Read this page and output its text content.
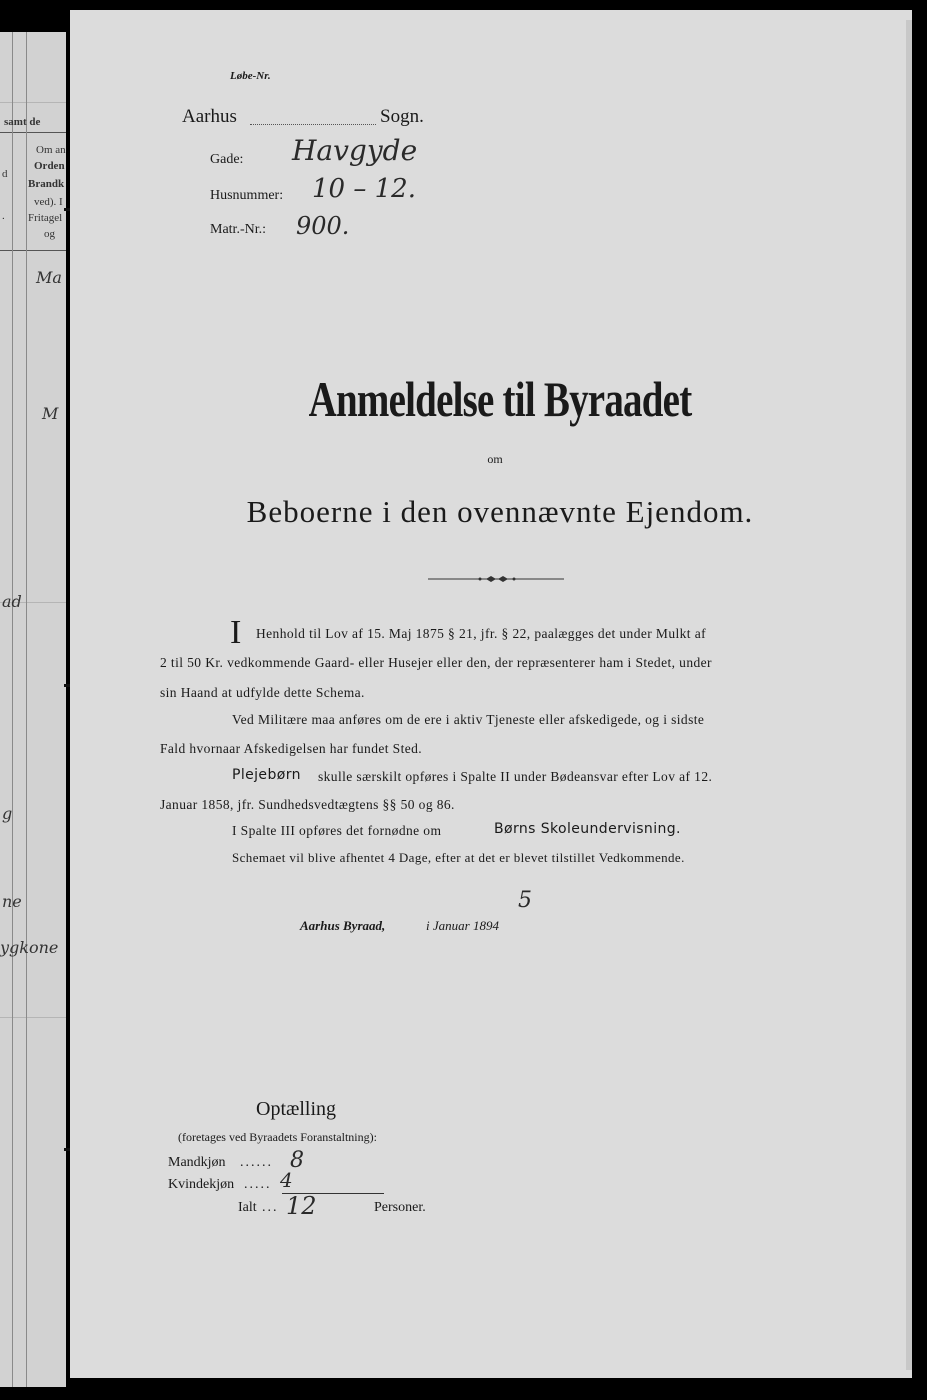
samt de
d
.
Om an
Orden
Brandk
ved). I
Fritagel
og
Ma
M
ad
g
ne
ygkone
Løbe-Nr.
Aarhus	Sogn.
Gade: Havgyde
Husnummer: 10 – 12.
Matr.-Nr.: 900.
Anmeldelse til Byraadet
om
Beboerne i den ovennævnte Ejendom.
I Henhold til Lov af 15. Maj 1875 § 21, jfr. § 22, paalægges det under Mulkt af
2 til 50 Kr. vedkommende Gaard- eller Husejer eller den, der repræsenterer ham i Stedet, under
sin Haand at udfylde dette Schema.
Ved Militære maa anføres om de ere i aktiv Tjeneste eller afskedigede, og i sidste
Fald hvornaar Afskedigelsen har fundet Sted.
Plejebørn skulle særskilt opføres i Spalte II under Bødeansvar efter Lov af 12.
Januar 1858, jfr. Sundhedsvedtægtens §§ 50 og 86.
I Spalte III opføres det fornødne om	Børns Skoleundervisning.
Schemaet vil blive afhentet 4 Dage, efter at det er blevet tilstillet Vedkommende.
Aarhus Byraad,	i Januar 1894
5
Optælling
(foretages ved Byraadets Foranstaltning):
Mandkjøn ...... 8
Kvindekjøn ..... 4
Ialt ... 12	Personer.
